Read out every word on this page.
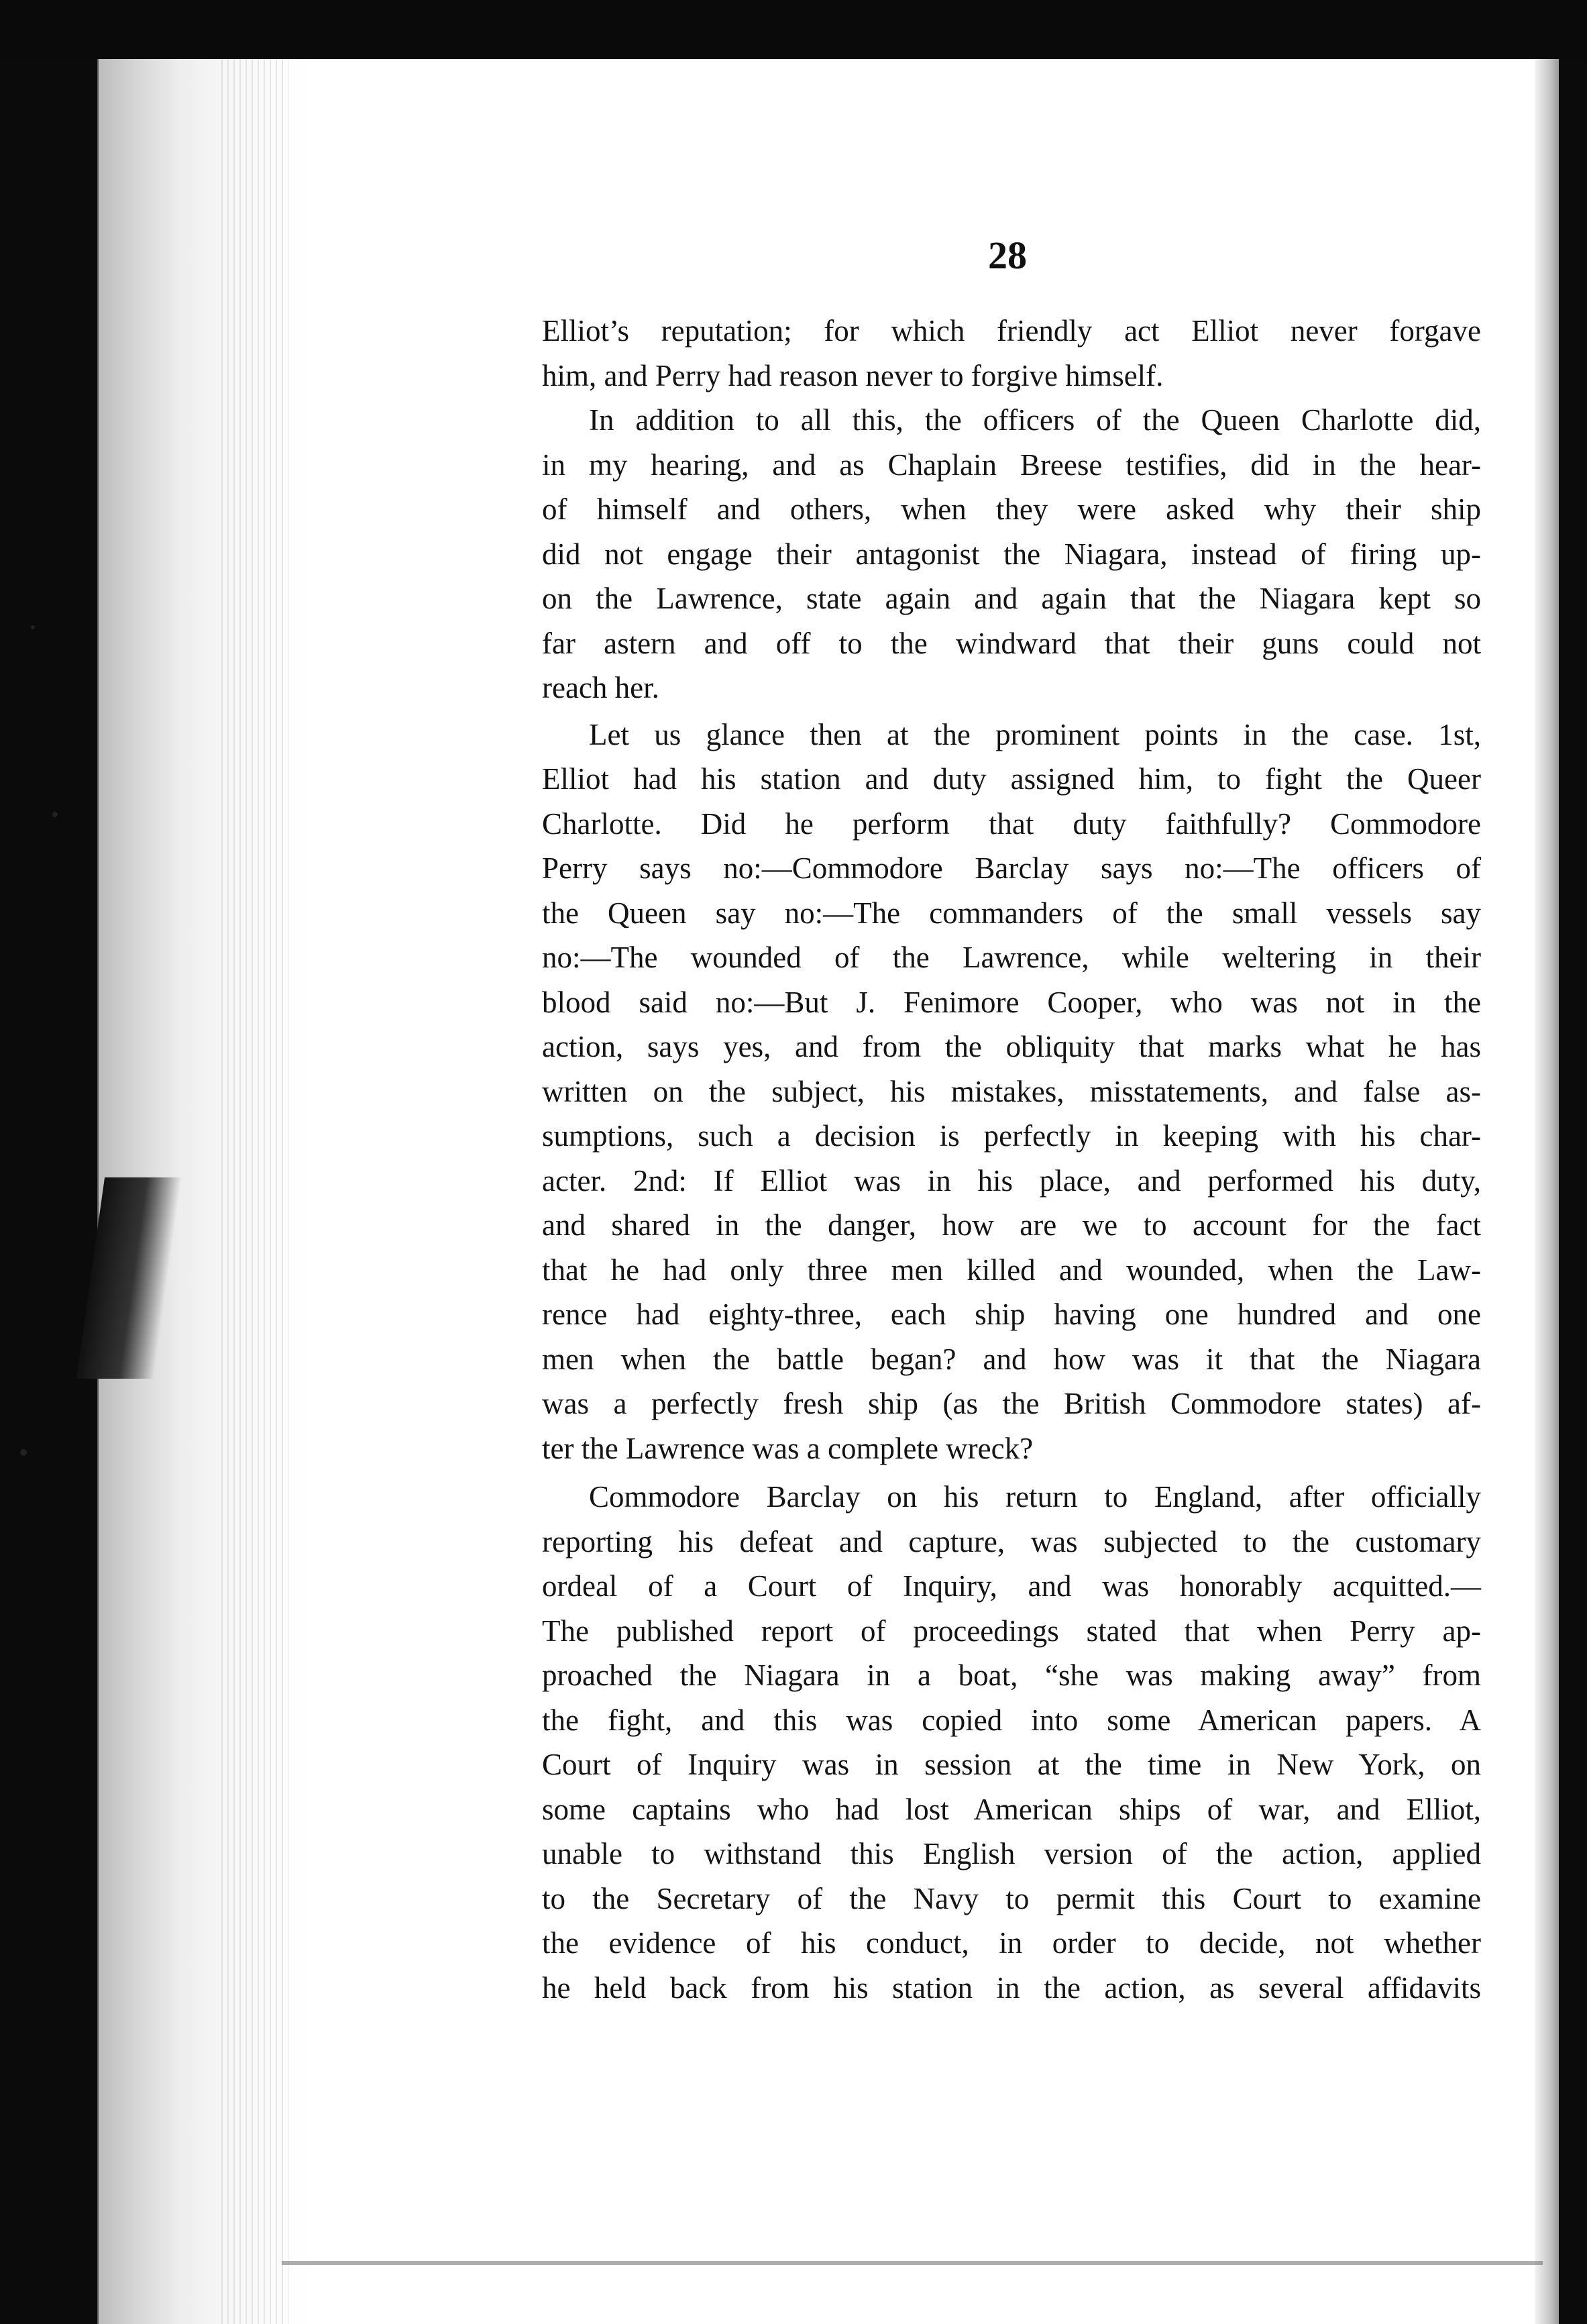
28
Elliot’s reputation; for which friendly act Elliot never forgave
him, and Perry had reason never to forgive himself.
In addition to all this, the officers of the Queen Charlotte did,
in my hearing, and as Chaplain Breese testifies, did in the hear-
of himself and others, when they were asked why their ship
did not engage their antagonist the Niagara, instead of firing up-
on the Lawrence, state again and again that the Niagara kept so
far astern and off to the windward that their guns could not
reach her.
Let us glance then at the prominent points in the case. 1st,
Elliot had his station and duty assigned him, to fight the Queer
Charlotte. Did he perform that duty faithfully? Commodore
Perry says no:—Commodore Barclay says no:—The officers of
the Queen say no:—The commanders of the small vessels say
no:—The wounded of the Lawrence, while weltering in their
blood said no:—But J. Fenimore Cooper, who was not in the
action, says yes, and from the obliquity that marks what he has
written on the subject, his mistakes, misstatements, and false as-
sumptions, such a decision is perfectly in keeping with his char-
acter. 2nd: If Elliot was in his place, and performed his duty,
and shared in the danger, how are we to account for the fact
that he had only three men killed and wounded, when the Law-
rence had eighty-three, each ship having one hundred and one
men when the battle began? and how was it that the Niagara
was a perfectly fresh ship (as the British Commodore states) af-
ter the Lawrence was a complete wreck?
Commodore Barclay on his return to England, after officially
reporting his defeat and capture, was subjected to the customary
ordeal of a Court of Inquiry, and was honorably acquitted.—
The published report of proceedings stated that when Perry ap-
proached the Niagara in a boat, “she was making away” from
the fight, and this was copied into some American papers. A
Court of Inquiry was in session at the time in New York, on
some captains who had lost American ships of war, and Elliot,
unable to withstand this English version of the action, applied
to the Secretary of the Navy to permit this Court to examine
the evidence of his conduct, in order to decide, not whether
he held back from his station in the action, as several affidavits
